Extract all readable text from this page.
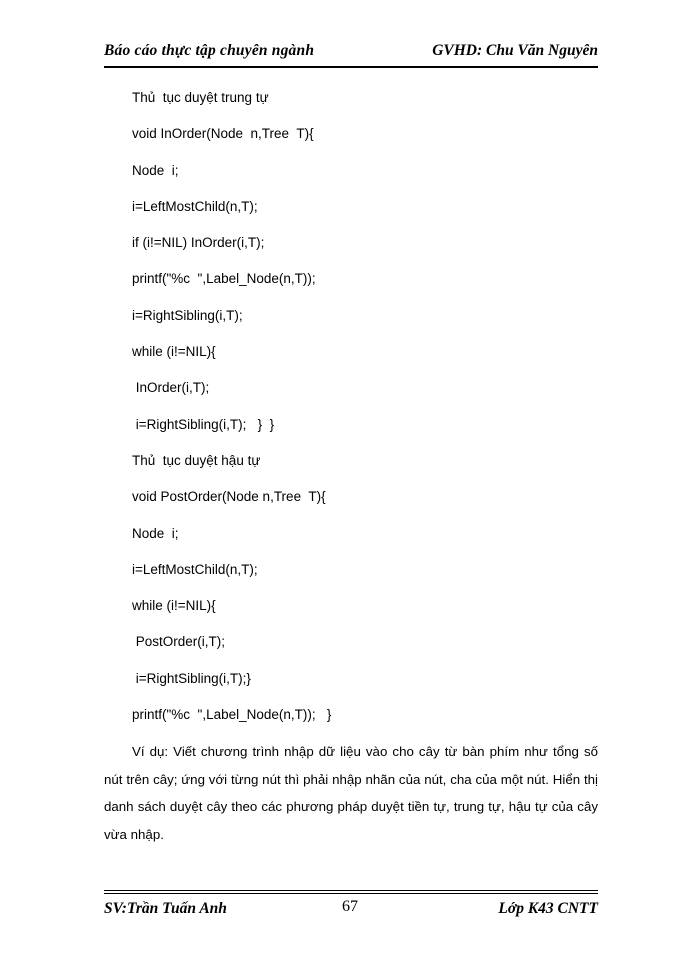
Báo cáo thực tập chuyên ngành	GVHD: Chu Văn Nguyên
Thủ  tục duyệt trung tự
void InOrder(Node  n,Tree  T){
Node  i;
i=LeftMostChild(n,T);
if (i!=NIL) InOrder(i,T);
printf("%c  ",Label_Node(n,T));
i=RightSibling(i,T);
while (i!=NIL){
InOrder(i,T);
i=RightSibling(i,T);   }  }
Thủ  tục duyệt hậu tự
void PostOrder(Node n,Tree  T){
Node  i;
i=LeftMostChild(n,T);
while (i!=NIL){
PostOrder(i,T);
i=RightSibling(i,T);}
printf("%c  ",Label_Node(n,T));   }
Ví dụ: Viết chương trình nhập dữ liệu vào cho cây từ bàn phím như tổng số nút trên cây; ứng với từng nút thì phải nhập nhãn của nút, cha của một nút. Hiển thị danh sách duyệt cây theo các phương pháp duyệt tiền tự, trung tự, hậu tự của cây vừa nhập.
SV:Trần Tuấn Anh	67	Lớp K43 CNTT
